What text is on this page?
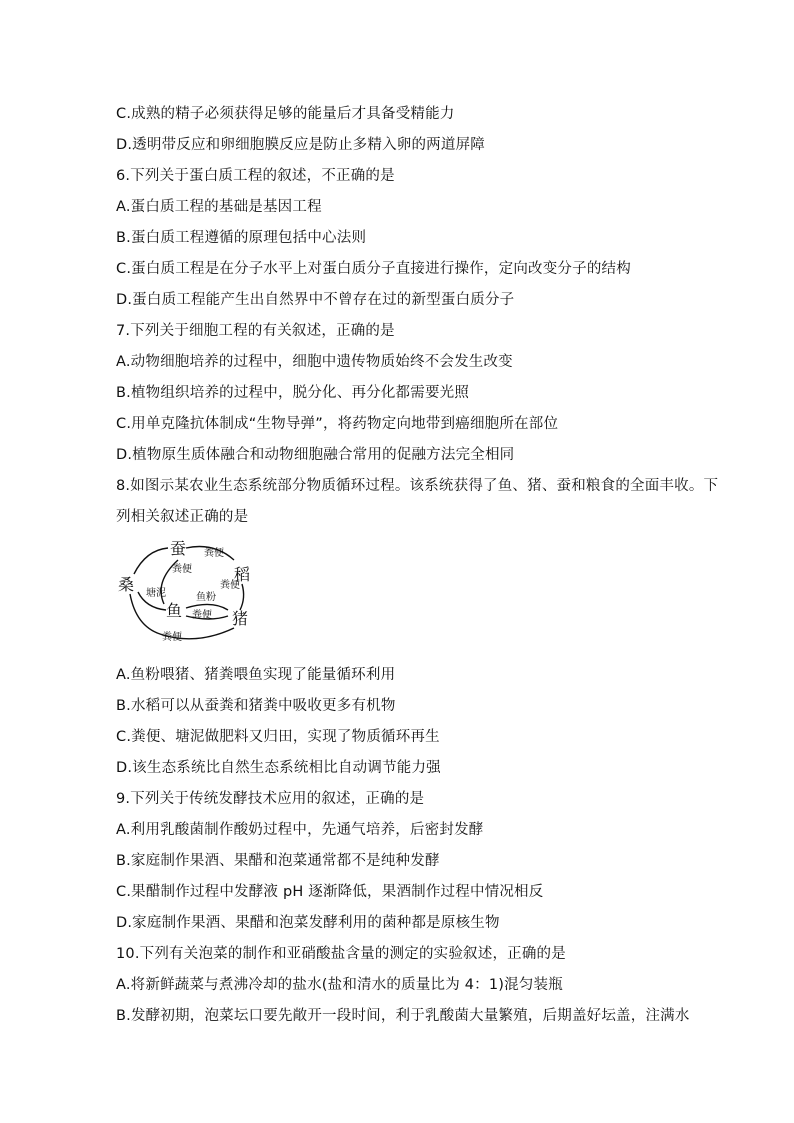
C.成熟的精子必须获得足够的能量后才具备受精能力
D.透明带反应和卵细胞膜反应是防止多精入卵的两道屏障
6.下列关于蛋白质工程的叙述，不正确的是
A.蛋白质工程的基础是基因工程
B.蛋白质工程遵循的原理包括中心法则
C.蛋白质工程是在分子水平上对蛋白质分子直接进行操作，定向改变分子的结构
D.蛋白质工程能产生出自然界中不曾存在过的新型蛋白质分子
7.下列关于细胞工程的有关叙述，正确的是
A.动物细胞培养的过程中，细胞中遗传物质始终不会发生改变
B.植物组织培养的过程中，脱分化、再分化都需要光照
C.用单克隆抗体制成“生物导弹”，将药物定向地带到癌细胞所在部位
D.植物原生质体融合和动物细胞融合常用的促融方法完全相同
8.如图示某农业生态系统部分物质循环过程。该系统获得了鱼、猪、蚕和粮食的全面丰收。下
列相关叙述正确的是
蚕
稻
桑
鱼	猪
粪便
粪便
粪便
塘泥	鱼粉
粪便
粪便
A.鱼粉喂猪、猪粪喂鱼实现了能量循环利用
B.水稻可以从蚕粪和猪粪中吸收更多有机物
C.粪便、塘泥做肥料又归田，实现了物质循环再生
D.该生态系统比自然生态系统相比自动调节能力强
9.下列关于传统发酵技术应用的叙述，正确的是
A.利用乳酸菌制作酸奶过程中，先通气培养，后密封发酵
B.家庭制作果酒、果醋和泡菜通常都不是纯种发酵
C.果醋制作过程中发酵液 pH 逐渐降低，果酒制作过程中情况相反
D.家庭制作果酒、果醋和泡菜发酵利用的菌种都是原核生物
10.下列有关泡菜的制作和亚硝酸盐含量的测定的实验叙述，正确的是
A.将新鲜蔬菜与煮沸冷却的盐水(盐和清水的质量比为 4：1)混匀装瓶
B.发酵初期，泡菜坛口要先敞开一段时间，利于乳酸菌大量繁殖，后期盖好坛盖，注满水
